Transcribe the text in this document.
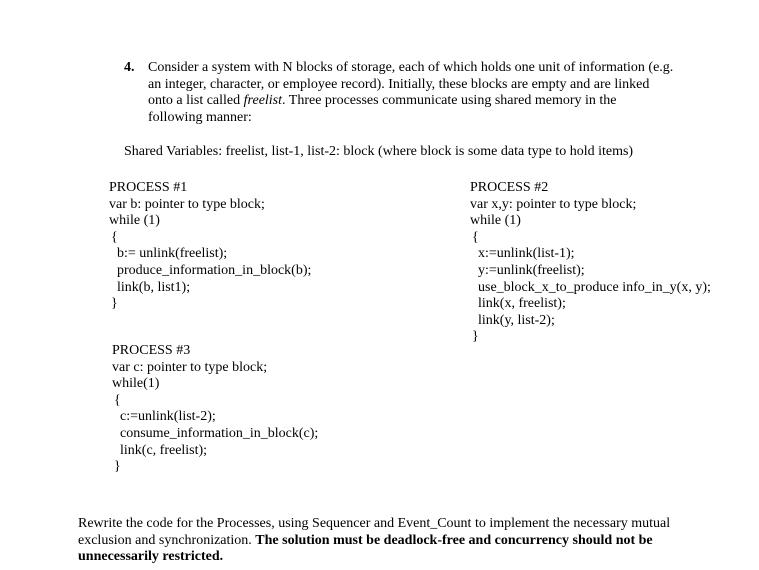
4. Consider a system with N blocks of storage, each of which holds one unit of information (e.g.
an integer, character, or employee record). Initially, these blocks are empty and are linked
onto a list called freelist. Three processes communicate using shared memory in the
following manner:
Shared Variables: freelist, list-1, list-2: block (where block is some data type to hold items)
PROCESS #1
var b: pointer to type block;
while (1)
{
b:= unlink(freelist);
produce_information_in_block(b);
link(b, list1);
}
PROCESS #2
var x,y: pointer to type block;
while (1)
{
x:=unlink(list-1);
y:=unlink(freelist);
use_block_x_to_produce info_in_y(x, y);
link(x, freelist);
link(y, list-2);
}
PROCESS #3
var c: pointer to type block;
while(1)
{
c:=unlink(list-2);
consume_information_in_block(c);
link(c, freelist);
}
Rewrite the code for the Processes, using Sequencer and Event_Count to implement the necessary mutual
exclusion and synchronization. The solution must be deadlock-free and concurrency should not be
unnecessarily restricted.
